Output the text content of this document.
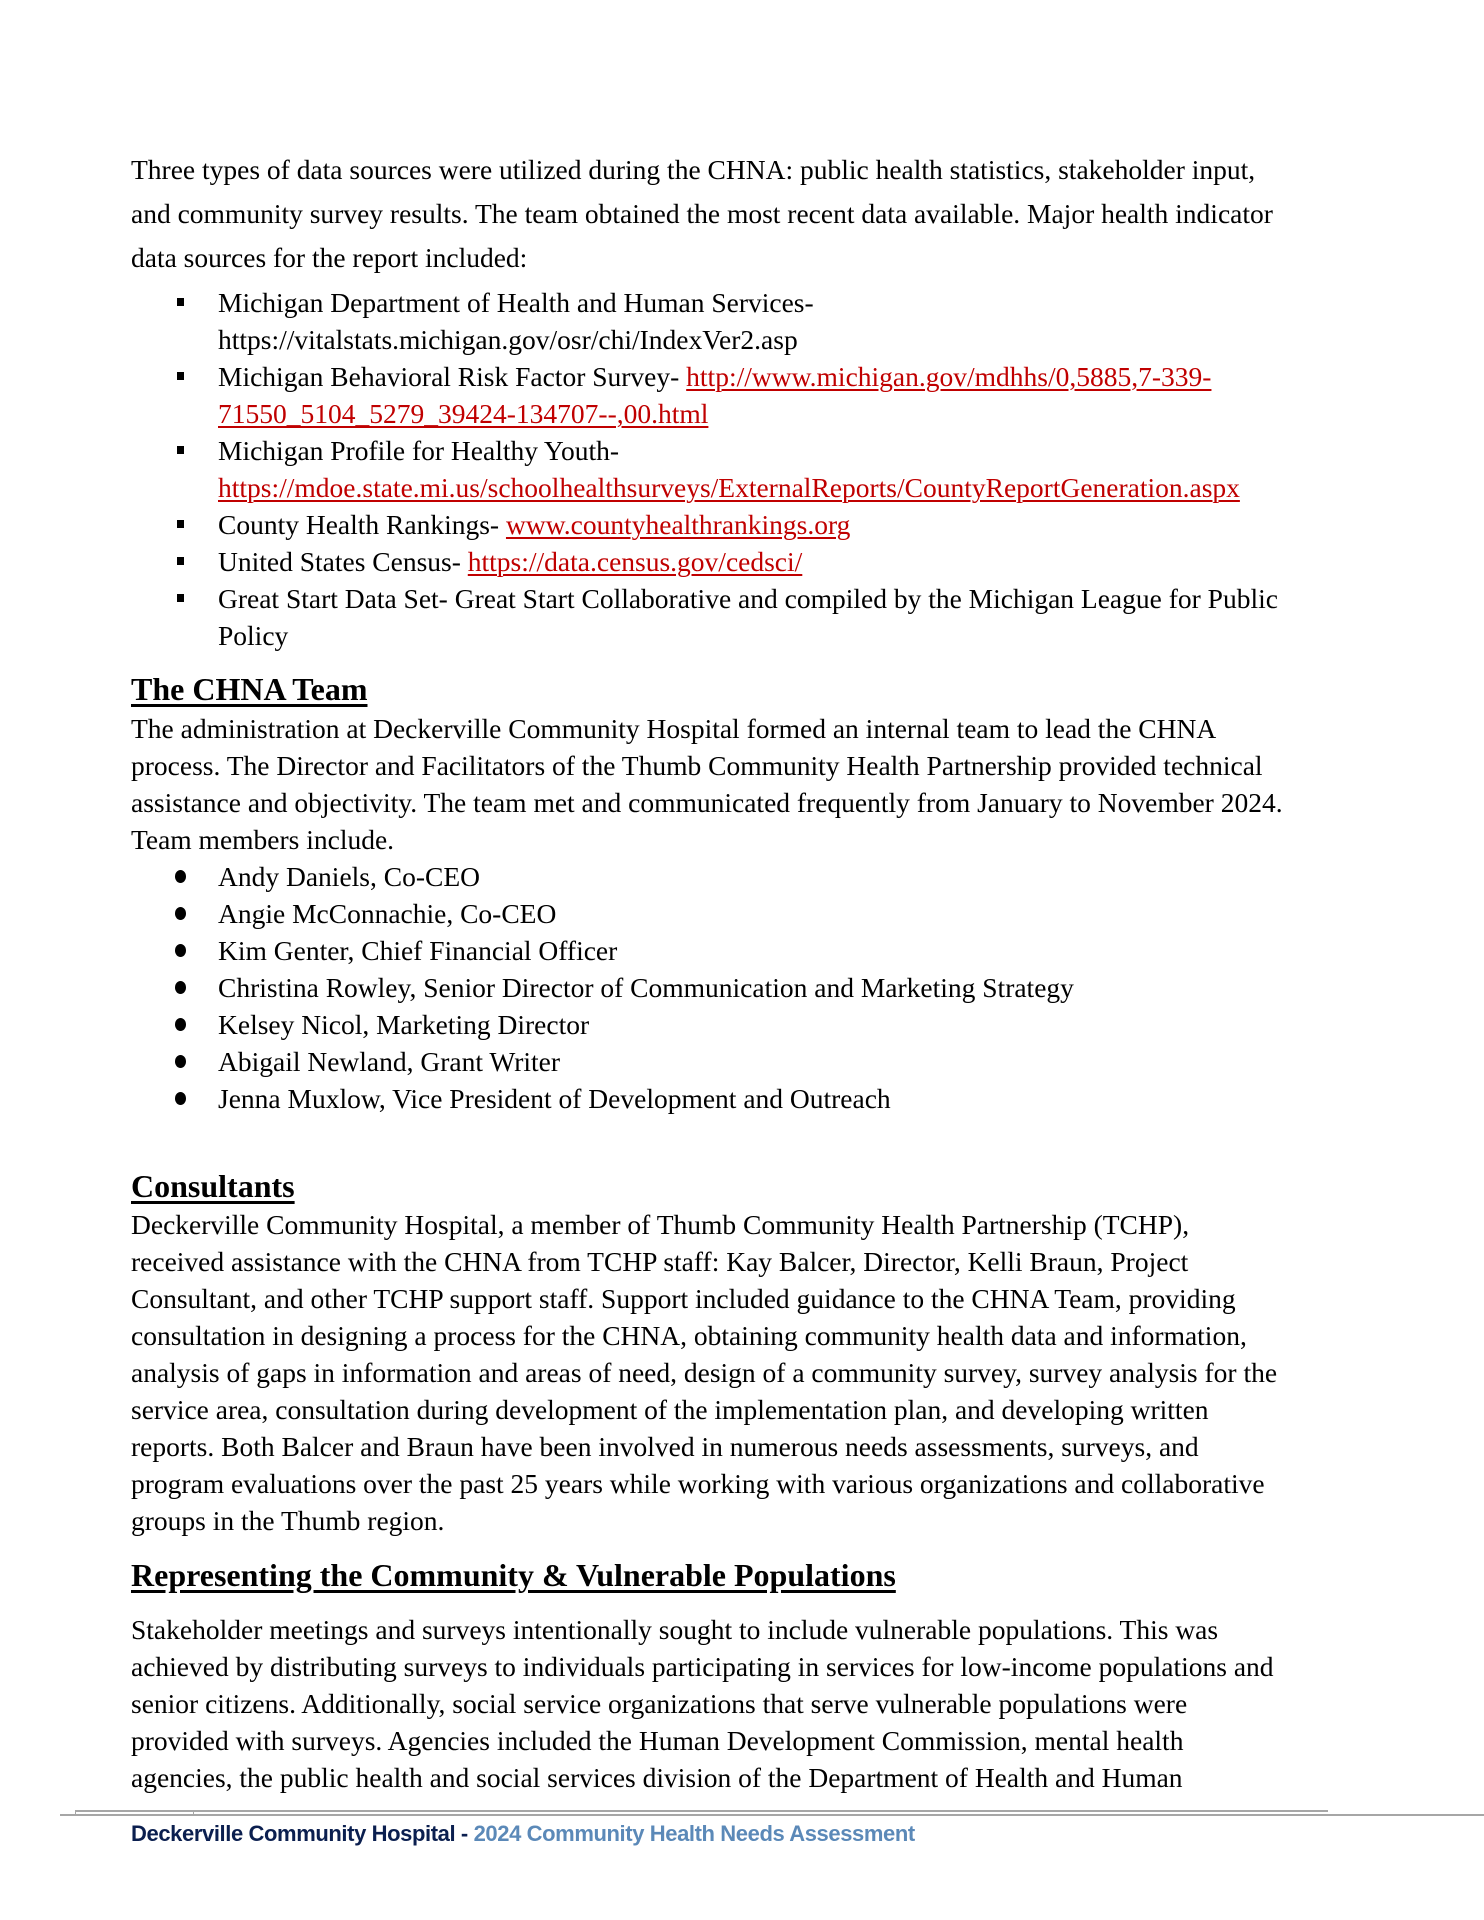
Three types of data sources were utilized during the CHNA: public health statistics, stakeholder input,
and community survey results. The team obtained the most recent data available. Major health indicator
data sources for the report included:
Michigan Department of Health and Human Services-
https://vitalstats.michigan.gov/osr/chi/IndexVer2.asp
Michigan Behavioral Risk Factor Survey- http://www.michigan.gov/mdhhs/0,5885,7-339-
71550_5104_5279_39424-134707--,00.html
Michigan Profile for Healthy Youth-
https://mdoe.state.mi.us/schoolhealthsurveys/ExternalReports/CountyReportGeneration.aspx
County Health Rankings- www.countyhealthrankings.org
United States Census- https://data.census.gov/cedsci/
Great Start Data Set- Great Start Collaborative and compiled by the Michigan League for Public
Policy
The CHNA Team
The administration at Deckerville Community Hospital formed an internal team to lead the CHNA
process. The Director and Facilitators of the Thumb Community Health Partnership provided technical
assistance and objectivity. The team met and communicated frequently from January to November 2024.
Team members include.
Andy Daniels, Co-CEO
Angie McConnachie, Co-CEO
Kim Genter, Chief Financial Officer
Christina Rowley, Senior Director of Communication and Marketing Strategy
Kelsey Nicol, Marketing Director
Abigail Newland, Grant Writer
Jenna Muxlow, Vice President of Development and Outreach
Consultants
Deckerville Community Hospital, a member of Thumb Community Health Partnership (TCHP),
received assistance with the CHNA from TCHP staff: Kay Balcer, Director, Kelli Braun, Project
Consultant, and other TCHP support staff. Support included guidance to the CHNA Team, providing
consultation in designing a process for the CHNA, obtaining community health data and information,
analysis of gaps in information and areas of need, design of a community survey, survey analysis for the
service area, consultation during development of the implementation plan, and developing written
reports. Both Balcer and Braun have been involved in numerous needs assessments, surveys, and
program evaluations over the past 25 years while working with various organizations and collaborative
groups in the Thumb region.
Representing the Community & Vulnerable Populations
Stakeholder meetings and surveys intentionally sought to include vulnerable populations. This was
achieved by distributing surveys to individuals participating in services for low-income populations and
senior citizens. Additionally, social service organizations that serve vulnerable populations were
provided with surveys. Agencies included the Human Development Commission, mental health
agencies, the public health and social services division of the Department of Health and Human
Deckerville Community Hospital - 2024 Community Health Needs Assessment
